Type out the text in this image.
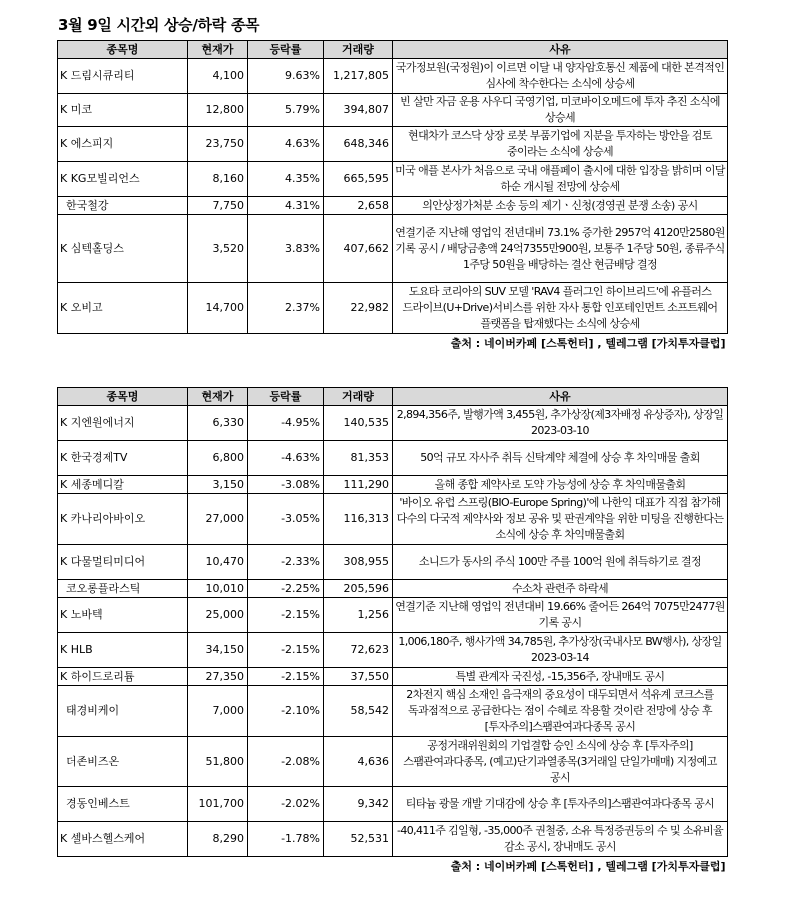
3월 9일 시간외 상승/하락 종목
종목명	현재가	등락률	거래량	사유
K 드림시큐리티	4,100	9.63%	1,217,805	국가정보원(국정원)이 이르면 이달 내 양자암호통신 제품에 대한 본격적인 심사에 착수한다는 소식에 상승세
K 미코	12,800	5.79%	394,807	빈 살만 자금 운용 사우디 국영기업, 미코바이오메드에 투자 추진 소식에 상승세
K 에스피지	23,750	4.63%	648,346	현대차가 코스닥 상장 로봇 부품기업에 지분을 투자하는 방안을 검토 중이라는 소식에 상승세
K KG모빌리언스	8,160	4.35%	665,595	미국 애플 본사가 처음으로 국내 애플페이 출시에 대한 입장을 밝히며 이달 하순 개시될 전망에 상승세
한국철강	7,750	4.31%	2,658	의안상정가처분 소송 등의 제기ㆍ신청(경영권 분쟁 소송) 공시
K 심텍홀딩스	3,520	3.83%	407,662	연결기준 지난해 영업익 전년대비 73.1% 증가한 2957억 4120만2580원 기록 공시 / 배당금총액 24억7355만900원, 보통주 1주당 50원, 종류주식 1주당 50원을 배당하는 결산 현금배당 결정
K 오비고	14,700	2.37%	22,982	도요타 코리아의 SUV 모델 'RAV4 플러그인 하이브리드'에 유플러스 드라이브(U+Drive)서비스를 위한 자사 통합 인포테인먼트 소프트웨어 플랫폼을 탑재했다는 소식에 상승세
출처 : 네이버카페 [스톡헌터] , 텔레그램 [가치투자클럽]				
종목명	현재가	등락률	거래량	사유
K 지엔원에너지	6,330	-4.95%	140,535	2,894,356주, 발행가액 3,455원, 추가상장(제3자배정 유상증자), 상장일 2023-03-10
K 한국경제TV	6,800	-4.63%	81,353	50억 규모 자사주 취득 신탁계약 체결에 상승 후 차익매물 출회
K 세종메디칼	3,150	-3.08%	111,290	올해 종합 제약사로 도약 가능성에 상승 후 차익매물출회
K 카나리아바이오	27,000	-3.05%	116,313	'바이오 유럽 스프링(BIO-Europe Spring)'에 나한익 대표가 직접 참가해 다수의 다국적 제약사와 정보 공유 및 판권계약을 위한 미팅을 진행한다는 소식에 상승 후 차익매물출회
K 다물멀티미디어	10,470	-2.33%	308,955	소니드가 동사의 주식 100만 주를 100억 원에 취득하기로 결정
코오롱플라스틱	10,010	-2.25%	205,596	수소차 관련주 하락세
K 노바텍	25,000	-2.15%	1,256	연결기준 지난해 영업익 전년대비 19.66% 줄어든 264억 7075만2477원 기록 공시
K HLB	34,150	-2.15%	72,623	1,006,180주, 행사가액 34,785원, 추가상장(국내사모 BW행사), 상장일 2023-03-14
K 하이드로리튬	27,350	-2.15%	37,550	특별 관계자 국진성, -15,356주, 장내매도 공시
태경비케이	7,000	-2.10%	58,542	2차전지 핵심 소재인 음극재의 중요성이 대두되면서 석유계 코크스를 독과점적으로 공급한다는 점이 수혜로 작용할 것이란 전망에 상승 후 [투자주의]스팸관여과다종목 공시
더존비즈온	51,800	-2.08%	4,636	공정거래위원회의 기업결합 승인 소식에 상승 후 [투자주의]스팸관여과다종목, (예고)단기과열종목(3거래일 단일가매매) 지정예고 공시
경동인베스트	101,700	-2.02%	9,342	티타늄 광물 개발 기대감에 상승 후 [투자주의]스팸관여과다종목 공시
K 셀바스헬스케어	8,290	-1.78%	52,531	-40,411주 김일형, -35,000주 권철중, 소유 특정증권등의 수 및 소유비율 감소 공시, 장내매도 공시
출처 : 네이버카페 [스톡헌터] , 텔레그램 [가치투자클럽]				
